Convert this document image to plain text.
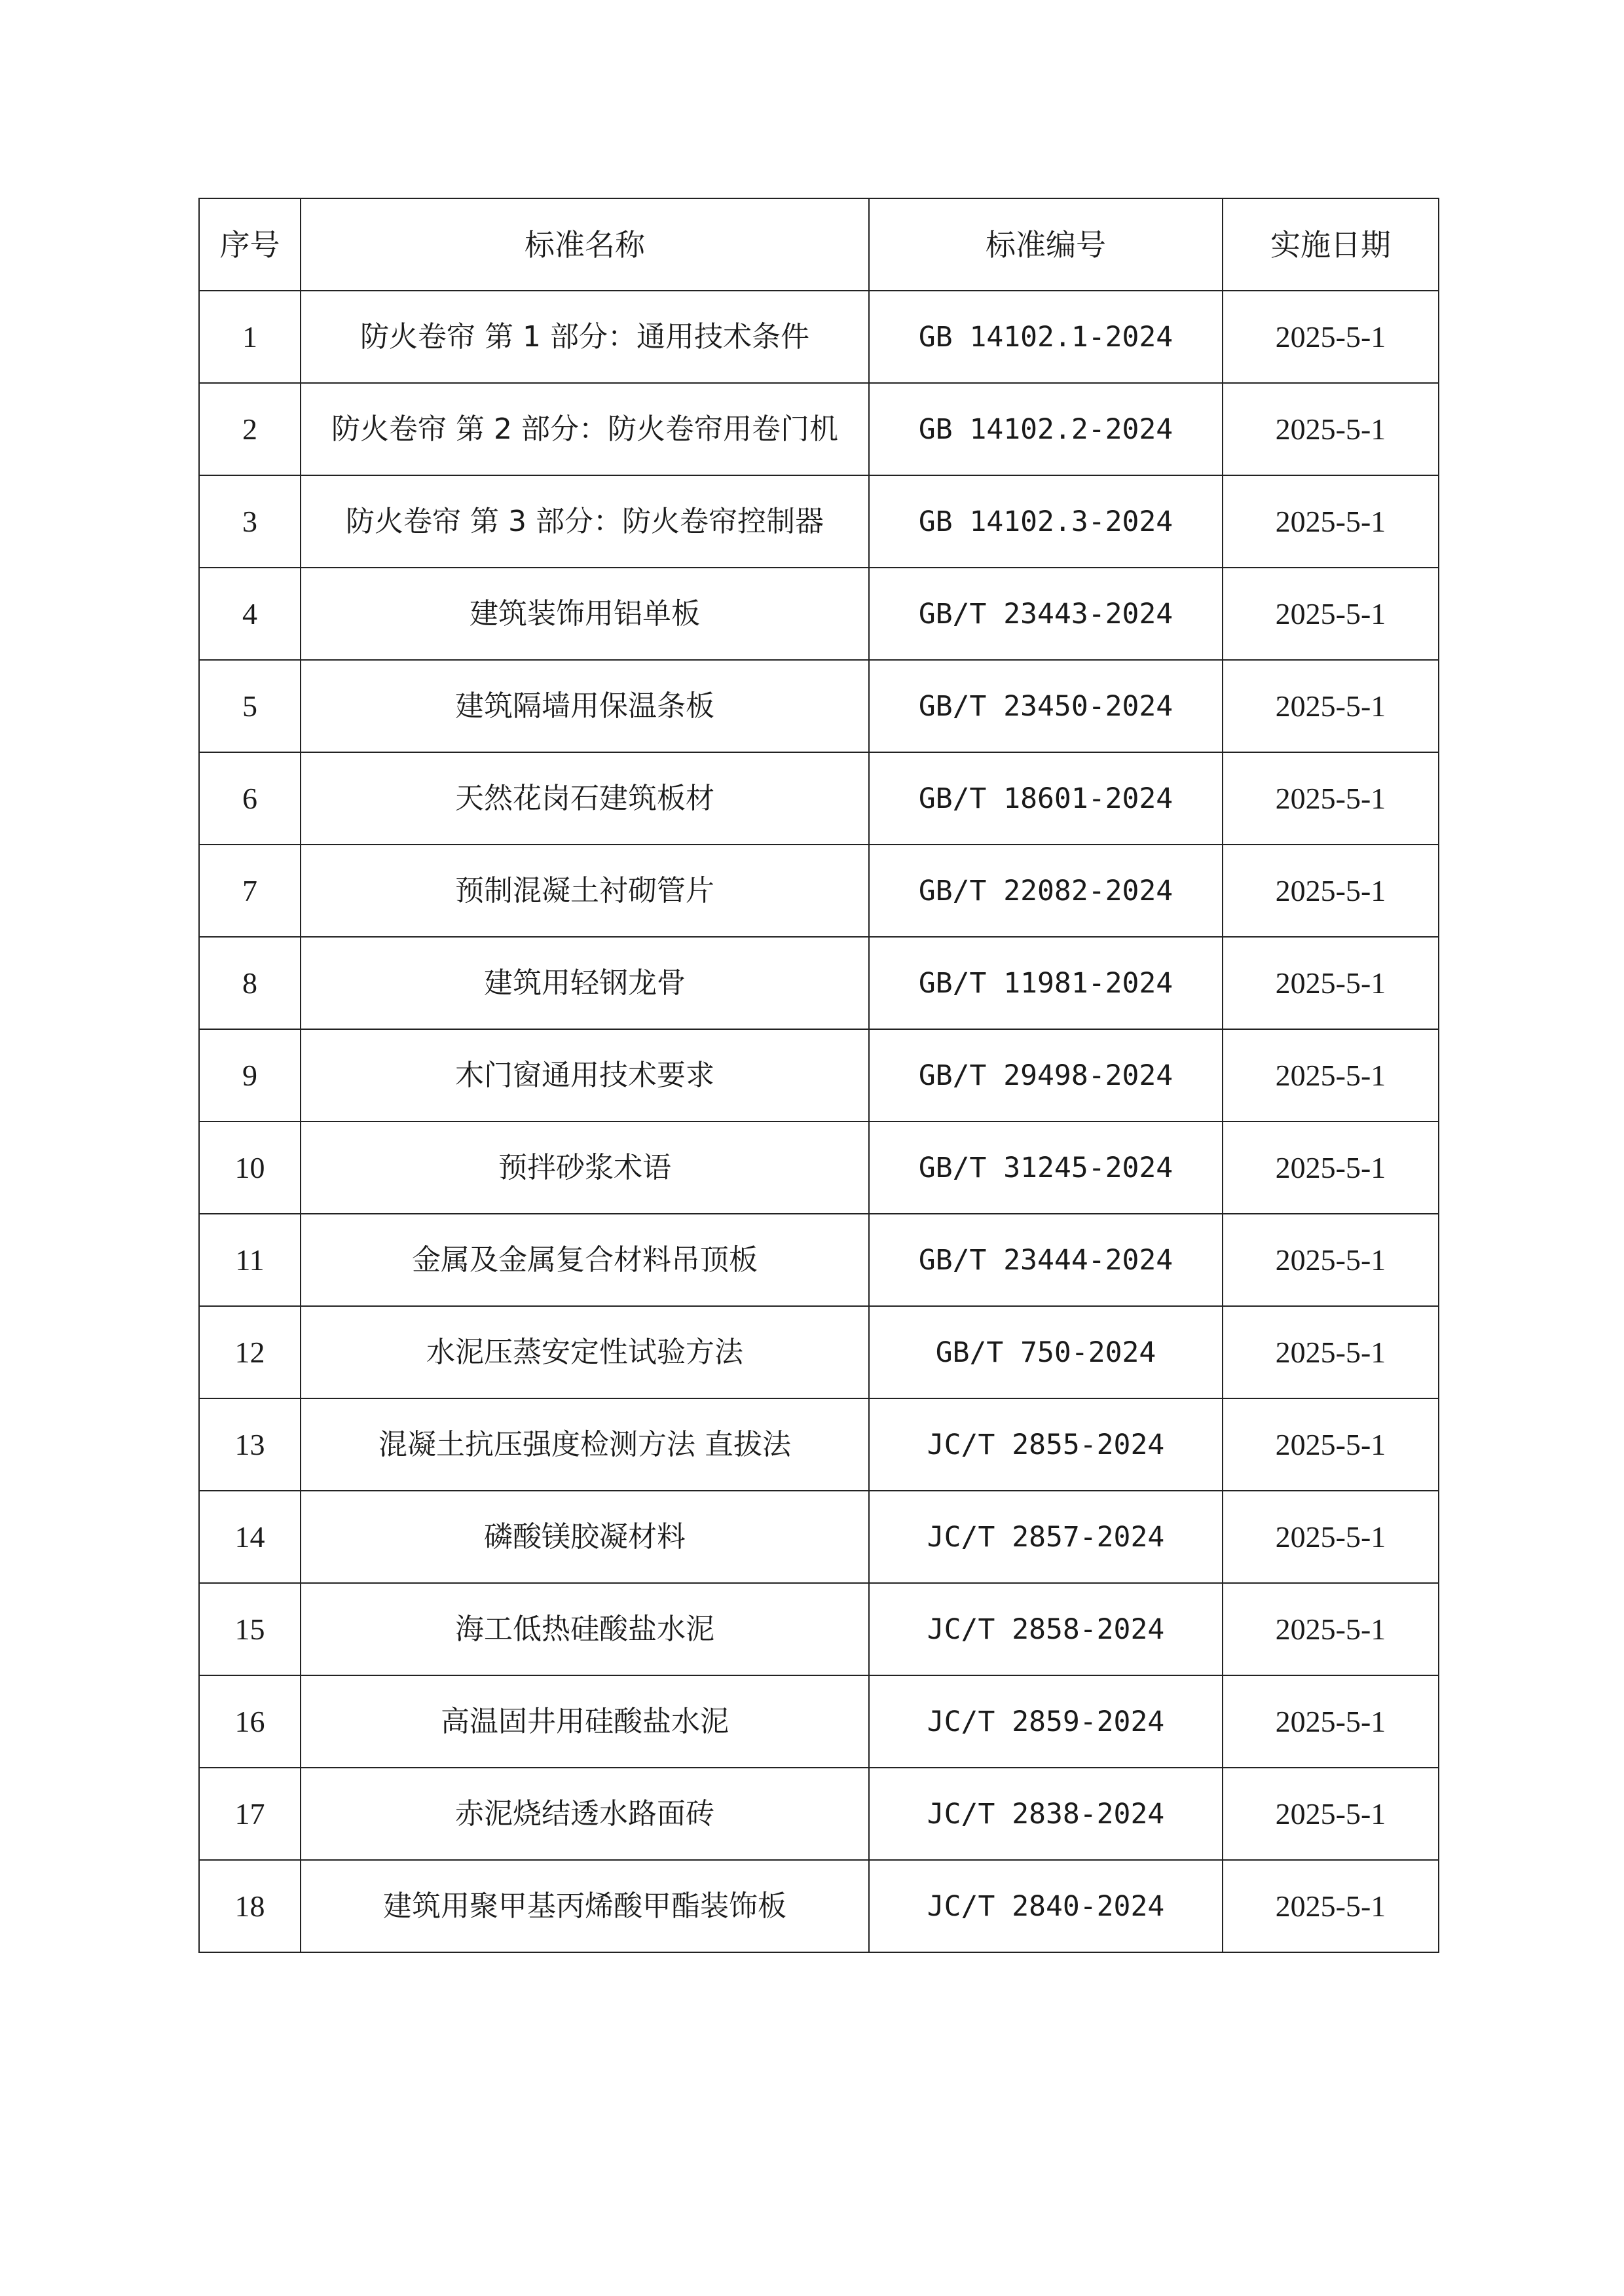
序号	标准名称	标准编号	实施日期
1	防火卷帘 第 1 部分：通用技术条件	GB 14102.1-2024	2025-5-1
2	防火卷帘 第 2 部分：防火卷帘用卷门机	GB 14102.2-2024	2025-5-1
3	防火卷帘 第 3 部分：防火卷帘控制器	GB 14102.3-2024	2025-5-1
4	建筑装饰用铝单板	GB/T 23443-2024	2025-5-1
5	建筑隔墙用保温条板	GB/T 23450-2024	2025-5-1
6	天然花岗石建筑板材	GB/T 18601-2024	2025-5-1
7	预制混凝土衬砌管片	GB/T 22082-2024	2025-5-1
8	建筑用轻钢龙骨	GB/T 11981-2024	2025-5-1
9	木门窗通用技术要求	GB/T 29498-2024	2025-5-1
10	预拌砂浆术语	GB/T 31245-2024	2025-5-1
11	金属及金属复合材料吊顶板	GB/T 23444-2024	2025-5-1
12	水泥压蒸安定性试验方法	GB/T 750-2024	2025-5-1
13	混凝土抗压强度检测方法 直拔法	JC/T 2855-2024	2025-5-1
14	磷酸镁胶凝材料	JC/T 2857-2024	2025-5-1
15	海工低热硅酸盐水泥	JC/T 2858-2024	2025-5-1
16	高温固井用硅酸盐水泥	JC/T 2859-2024	2025-5-1
17	赤泥烧结透水路面砖	JC/T 2838-2024	2025-5-1
18	建筑用聚甲基丙烯酸甲酯装饰板	JC/T 2840-2024	2025-5-1
